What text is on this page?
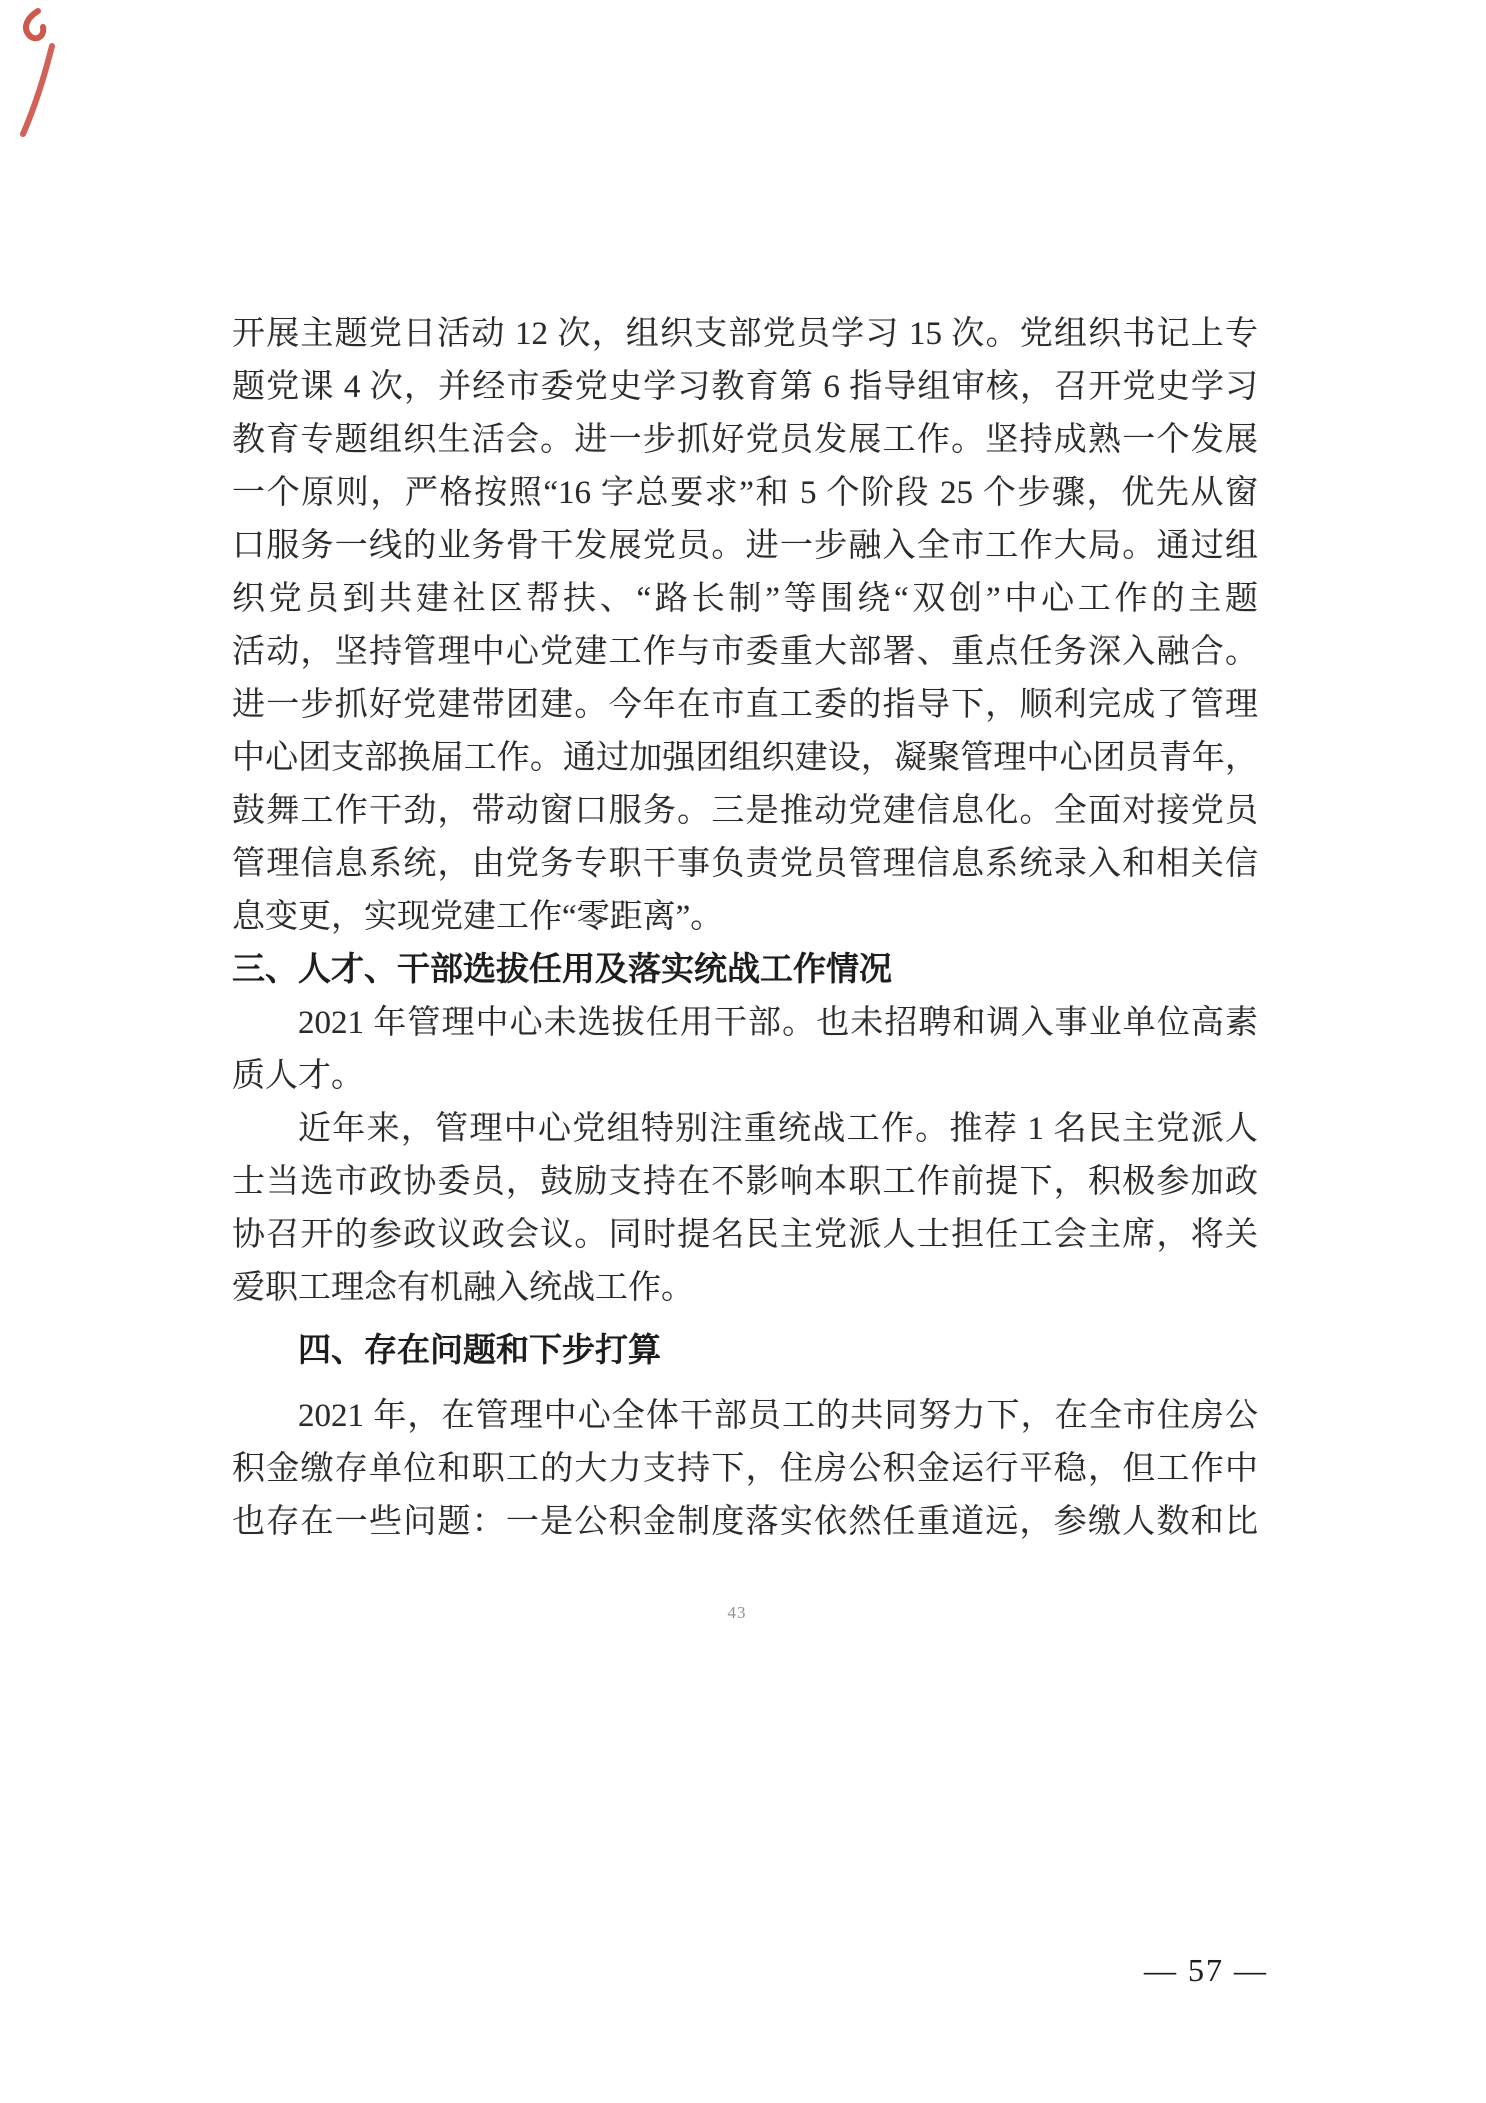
开展主题党日活动 12 次，组织支部党员学习 15 次。党组织书记上专
题党课 4 次，并经市委党史学习教育第 6 指导组审核，召开党史学习
教育专题组织生活会。进一步抓好党员发展工作。坚持成熟一个发展
一个原则，严格按照“16 字总要求”和 5 个阶段 25 个步骤，优先从窗
口服务一线的业务骨干发展党员。进一步融入全市工作大局。通过组
织党员到共建社区帮扶、“路长制”等围绕“双创”中心工作的主题
活动，坚持管理中心党建工作与市委重大部署、重点任务深入融合。
进一步抓好党建带团建。今年在市直工委的指导下，顺利完成了管理
中心团支部换届工作。通过加强团组织建设，凝聚管理中心团员青年，
鼓舞工作干劲，带动窗口服务。三是推动党建信息化。全面对接党员
管理信息系统，由党务专职干事负责党员管理信息系统录入和相关信
息变更，实现党建工作“零距离”。
三、人才、干部选拔任用及落实统战工作情况
2021 年管理中心未选拔任用干部。也未招聘和调入事业单位高素
质人才。
近年来，管理中心党组特别注重统战工作。推荐 1 名民主党派人
士当选市政协委员，鼓励支持在不影响本职工作前提下，积极参加政
协召开的参政议政会议。同时提名民主党派人士担任工会主席，将关
爱职工理念有机融入统战工作。
四、存在问题和下步打算
2021 年，在管理中心全体干部员工的共同努力下，在全市住房公
积金缴存单位和职工的大力支持下，住房公积金运行平稳，但工作中
也存在一些问题：一是公积金制度落实依然任重道远，参缴人数和比
43
— 57 —
